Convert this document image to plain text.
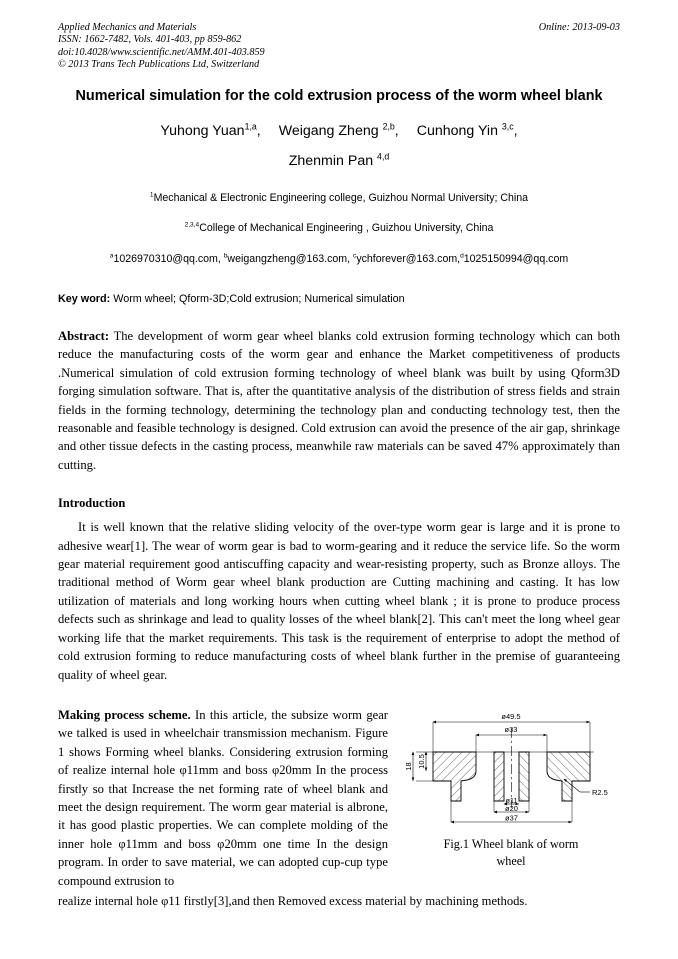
Applied Mechanics and Materials
ISSN: 1662-7482, Vols. 401-403, pp 859-862
doi:10.4028/www.scientific.net/AMM.401-403.859
© 2013 Trans Tech Publications Ltd, Switzerland
Online: 2013-09-03
Numerical simulation for the cold extrusion process of the worm wheel blank
Yuhong Yuan$^{1,a}$, Weigang Zheng $^{2,b}$, Cunhong Yin $^{3,c}$,
Zhenmin Pan $^{4,d}$
$^1$Mechanical & Electronic Engineering college, Guizhou Normal University; China
$^{2,3,4}$College of Mechanical Engineering , Guizhou University, China
$^a$1026970310@qq.com, $^b$weigangzheng@163.com, $^c$ychforever@163.com,$^d$1025150994@qq.com
Key word: Worm wheel; Qform-3D;Cold extrusion; Numerical simulation
Abstract: The development of worm gear wheel blanks cold extrusion forming technology which can both reduce the manufacturing costs of the worm gear and enhance the Market competitiveness of products .Numerical simulation of cold extrusion forming technology of wheel blank was built by using Qform3D forging simulation software. That is, after the quantitative analysis of the distribution of stress fields and strain fields in the forming technology, determining the technology plan and conducting technology test, then the reasonable and feasible technology is designed. Cold extrusion can avoid the presence of the air gap, shrinkage and other tissue defects in the casting process, meanwhile raw materials can be saved 47% approximately than cutting.
Introduction
It is well known that the relative sliding velocity of the over-type worm gear is large and it is prone to adhesive wear[1]. The wear of worm gear is bad to worm-gearing and it reduce the service life. So the worm gear material requirement good antiscuffing capacity and wear-resisting property, such as Bronze alloys. The traditional method of Worm gear wheel blank production are Cutting machining and casting. It has low utilization of materials and long working hours when cutting wheel blank ; it is prone to produce process defects such as shrinkage and lead to quality losses of the wheel blank[2]. This can't meet the long wheel gear working life that the market requirements. This task is the requirement of enterprise to adopt the method of cold extrusion forming to reduce manufacturing costs of wheel blank further in the premise of guaranteeing quality of wheel gear.
ø49.5
ø33
18 10.5
R2.5
ø11
ø20
ø37
Fig.1 Wheel blank of worm
wheel
Making process scheme. In this article, the subsize worm gear we talked is used in wheelchair transmission mechanism. Figure 1 shows Forming wheel blanks. Considering extrusion forming of realize internal hole φ11mm and boss φ20mm In the process firstly so that Increase the net forming rate of wheel blank and meet the design requirement. The worm gear material is albrone, it has good plastic properties. We can complete molding of the inner hole φ11mm and boss φ20mm one time In the design program. In order to save material, we can adopted cup-cup type compound extrusion to
realize internal hole φ11 firstly[3],and then Removed excess material by machining methods.
